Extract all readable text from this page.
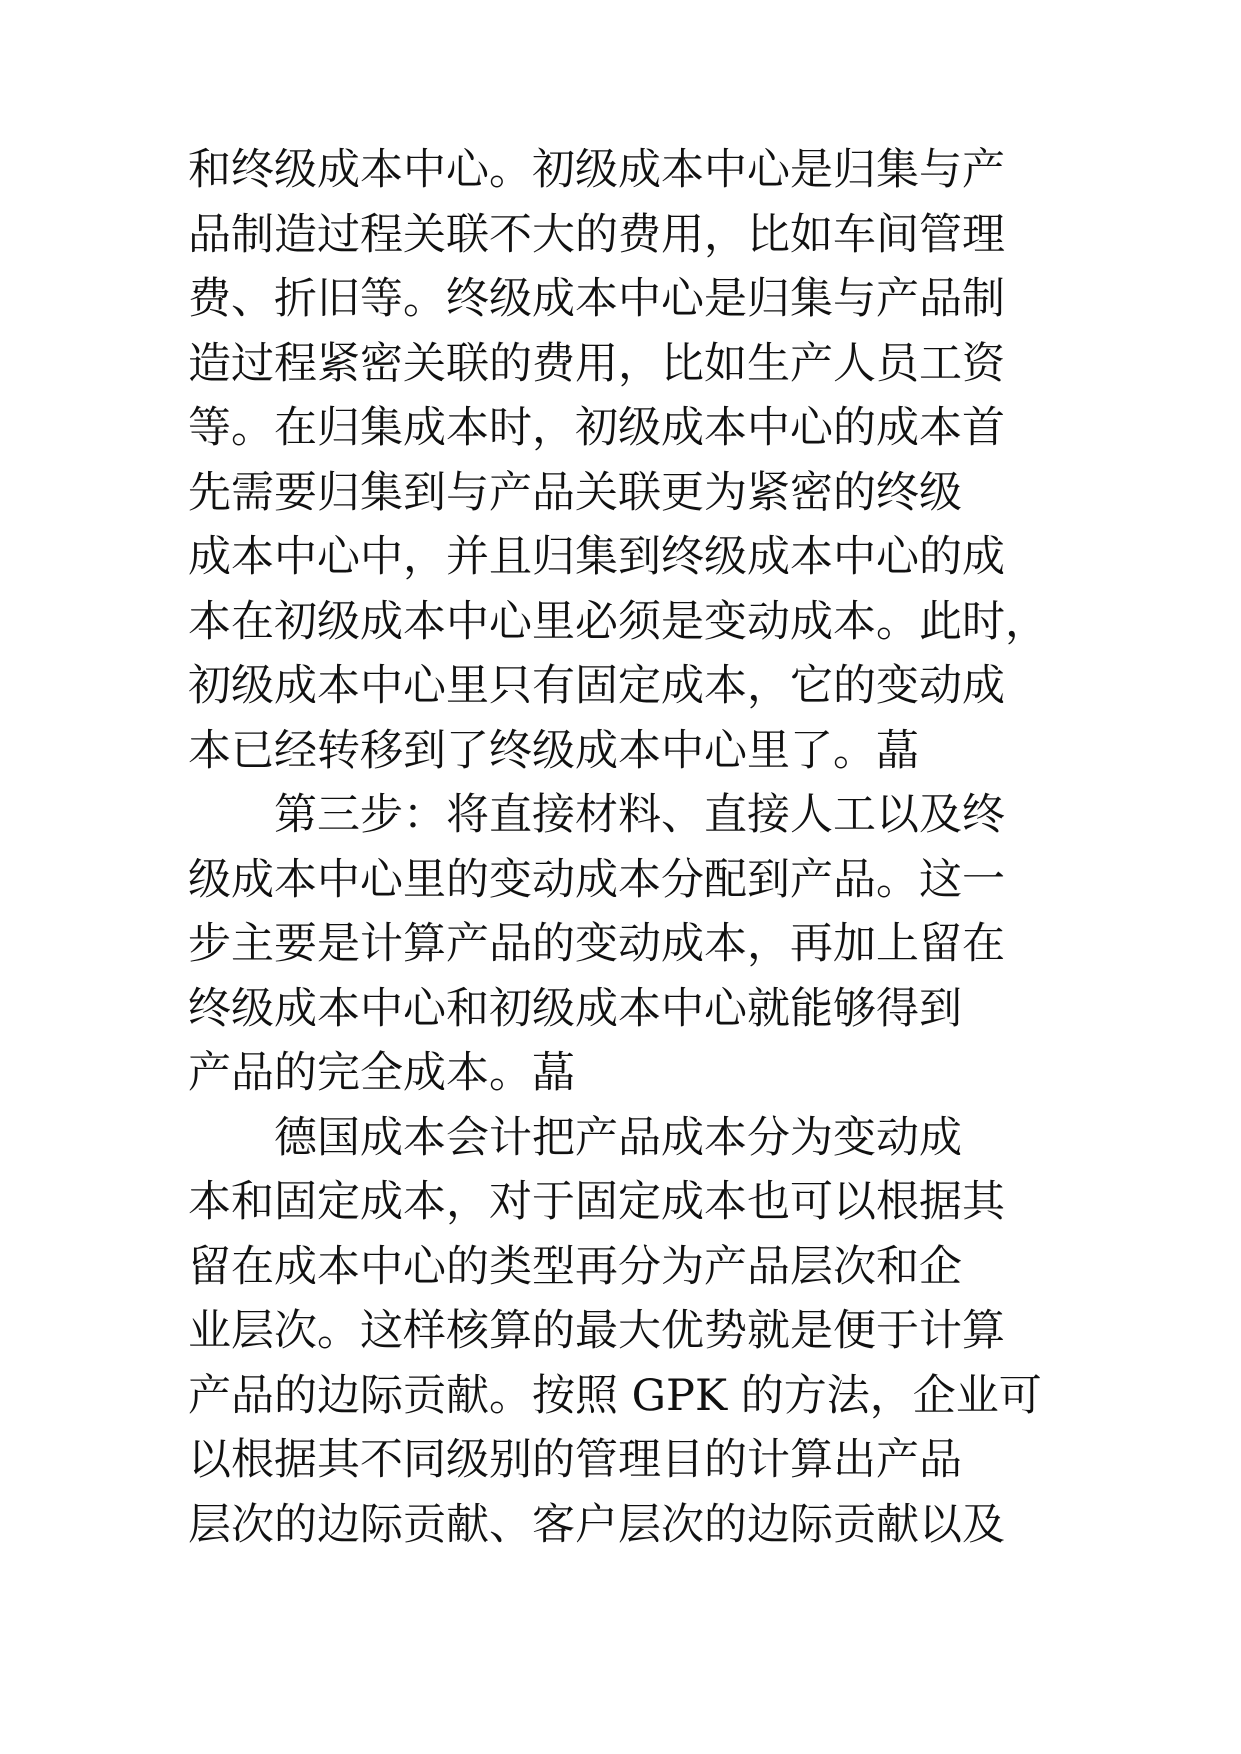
和终级成本中心。初级成本中心是归集与产
品制造过程关联不大的费用，比如车间管理
费、折旧等。终级成本中心是归集与产品制
造过程紧密关联的费用，比如生产人员工资
等。在归集成本时，初级成本中心的成本首
先需要归集到与产品关联更为紧密的终级
成本中心中，并且归集到终级成本中心的成
本在初级成本中心里必须是变动成本。此时，
初级成本中心里只有固定成本，它的变动成
本已经转移到了终级成本中心里了。蕌
第三步：将直接材料、直接人工以及终
级成本中心里的变动成本分配到产品。这一
步主要是计算产品的变动成本，再加上留在
终级成本中心和初级成本中心就能够得到
产品的完全成本。蕌
德国成本会计把产品成本分为变动成
本和固定成本，对于固定成本也可以根据其
留在成本中心的类型再分为产品层次和企
业层次。这样核算的最大优势就是便于计算
产品的边际贡献。按照 GPK 的方法，企业可
以根据其不同级别的管理目的计算出产品
层次的边际贡献、客户层次的边际贡献以及
